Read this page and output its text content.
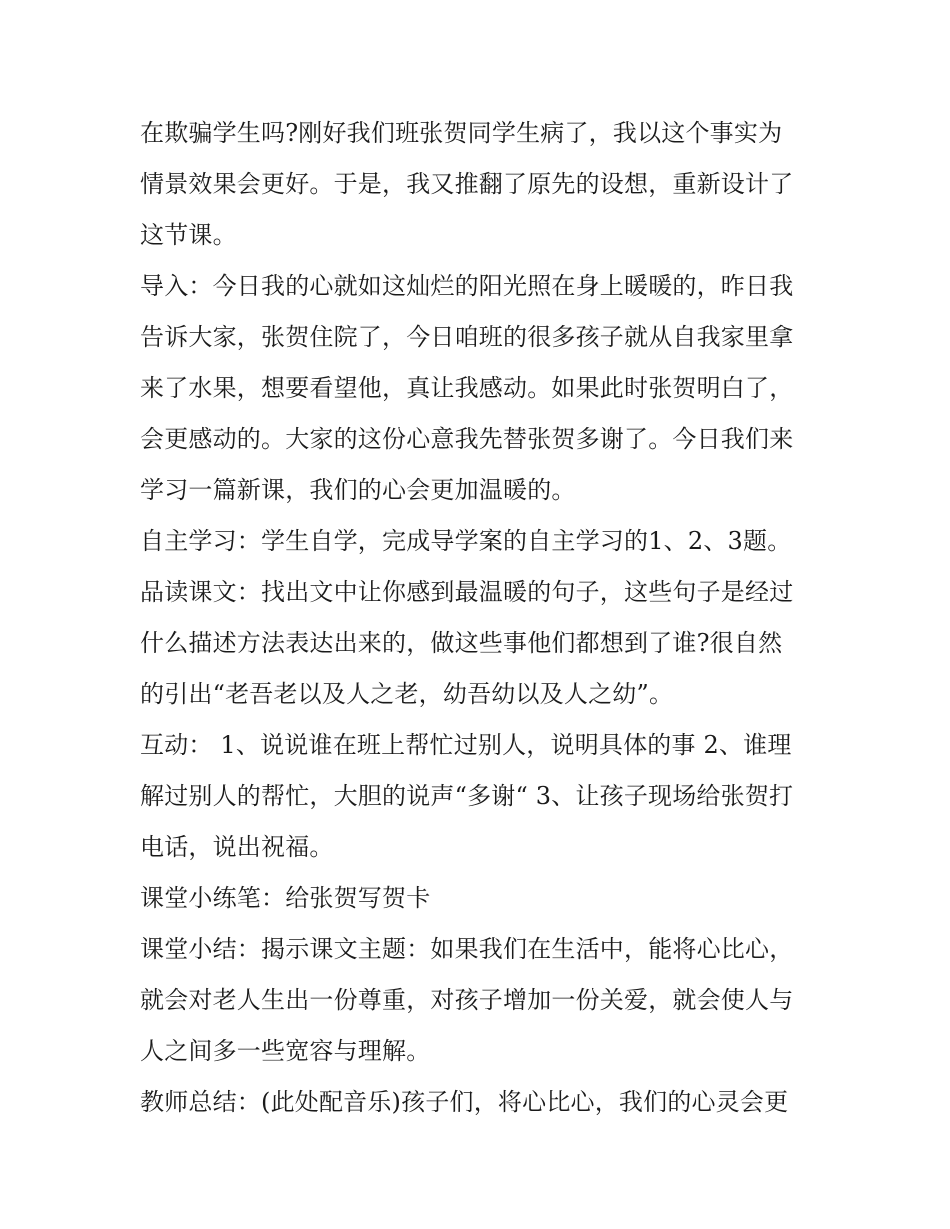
在欺骗学生吗?刚好我们班张贺同学生病了，我以这个事实为
情景效果会更好。于是，我又推翻了原先的设想，重新设计了
这节课。
导入：今日我的心就如这灿烂的阳光照在身上暖暖的，昨日我
告诉大家，张贺住院了，今日咱班的很多孩子就从自我家里拿
来了水果，想要看望他，真让我感动。如果此时张贺明白了，
会更感动的。大家的这份心意我先替张贺多谢了。今日我们来
学习一篇新课，我们的心会更加温暖的。
自主学习：学生自学，完成导学案的自主学习的1、2、3题。
品读课文：找出文中让你感到最温暖的句子，这些句子是经过
什么描述方法表达出来的，做这些事他们都想到了谁?很自然
的引出“老吾老以及人之老，幼吾幼以及人之幼”。
互动： 1、说说谁在班上帮忙过别人，说明具体的事 2、谁理
解过别人的帮忙，大胆的说声“多谢“ 3、让孩子现场给张贺打
电话，说出祝福。
课堂小练笔：给张贺写贺卡
课堂小结：揭示课文主题：如果我们在生活中，能将心比心，
就会对老人生出一份尊重，对孩子增加一份关爱，就会使人与
人之间多一些宽容与理解。
教师总结：(此处配音乐)孩子们，将心比心，我们的心灵会更
